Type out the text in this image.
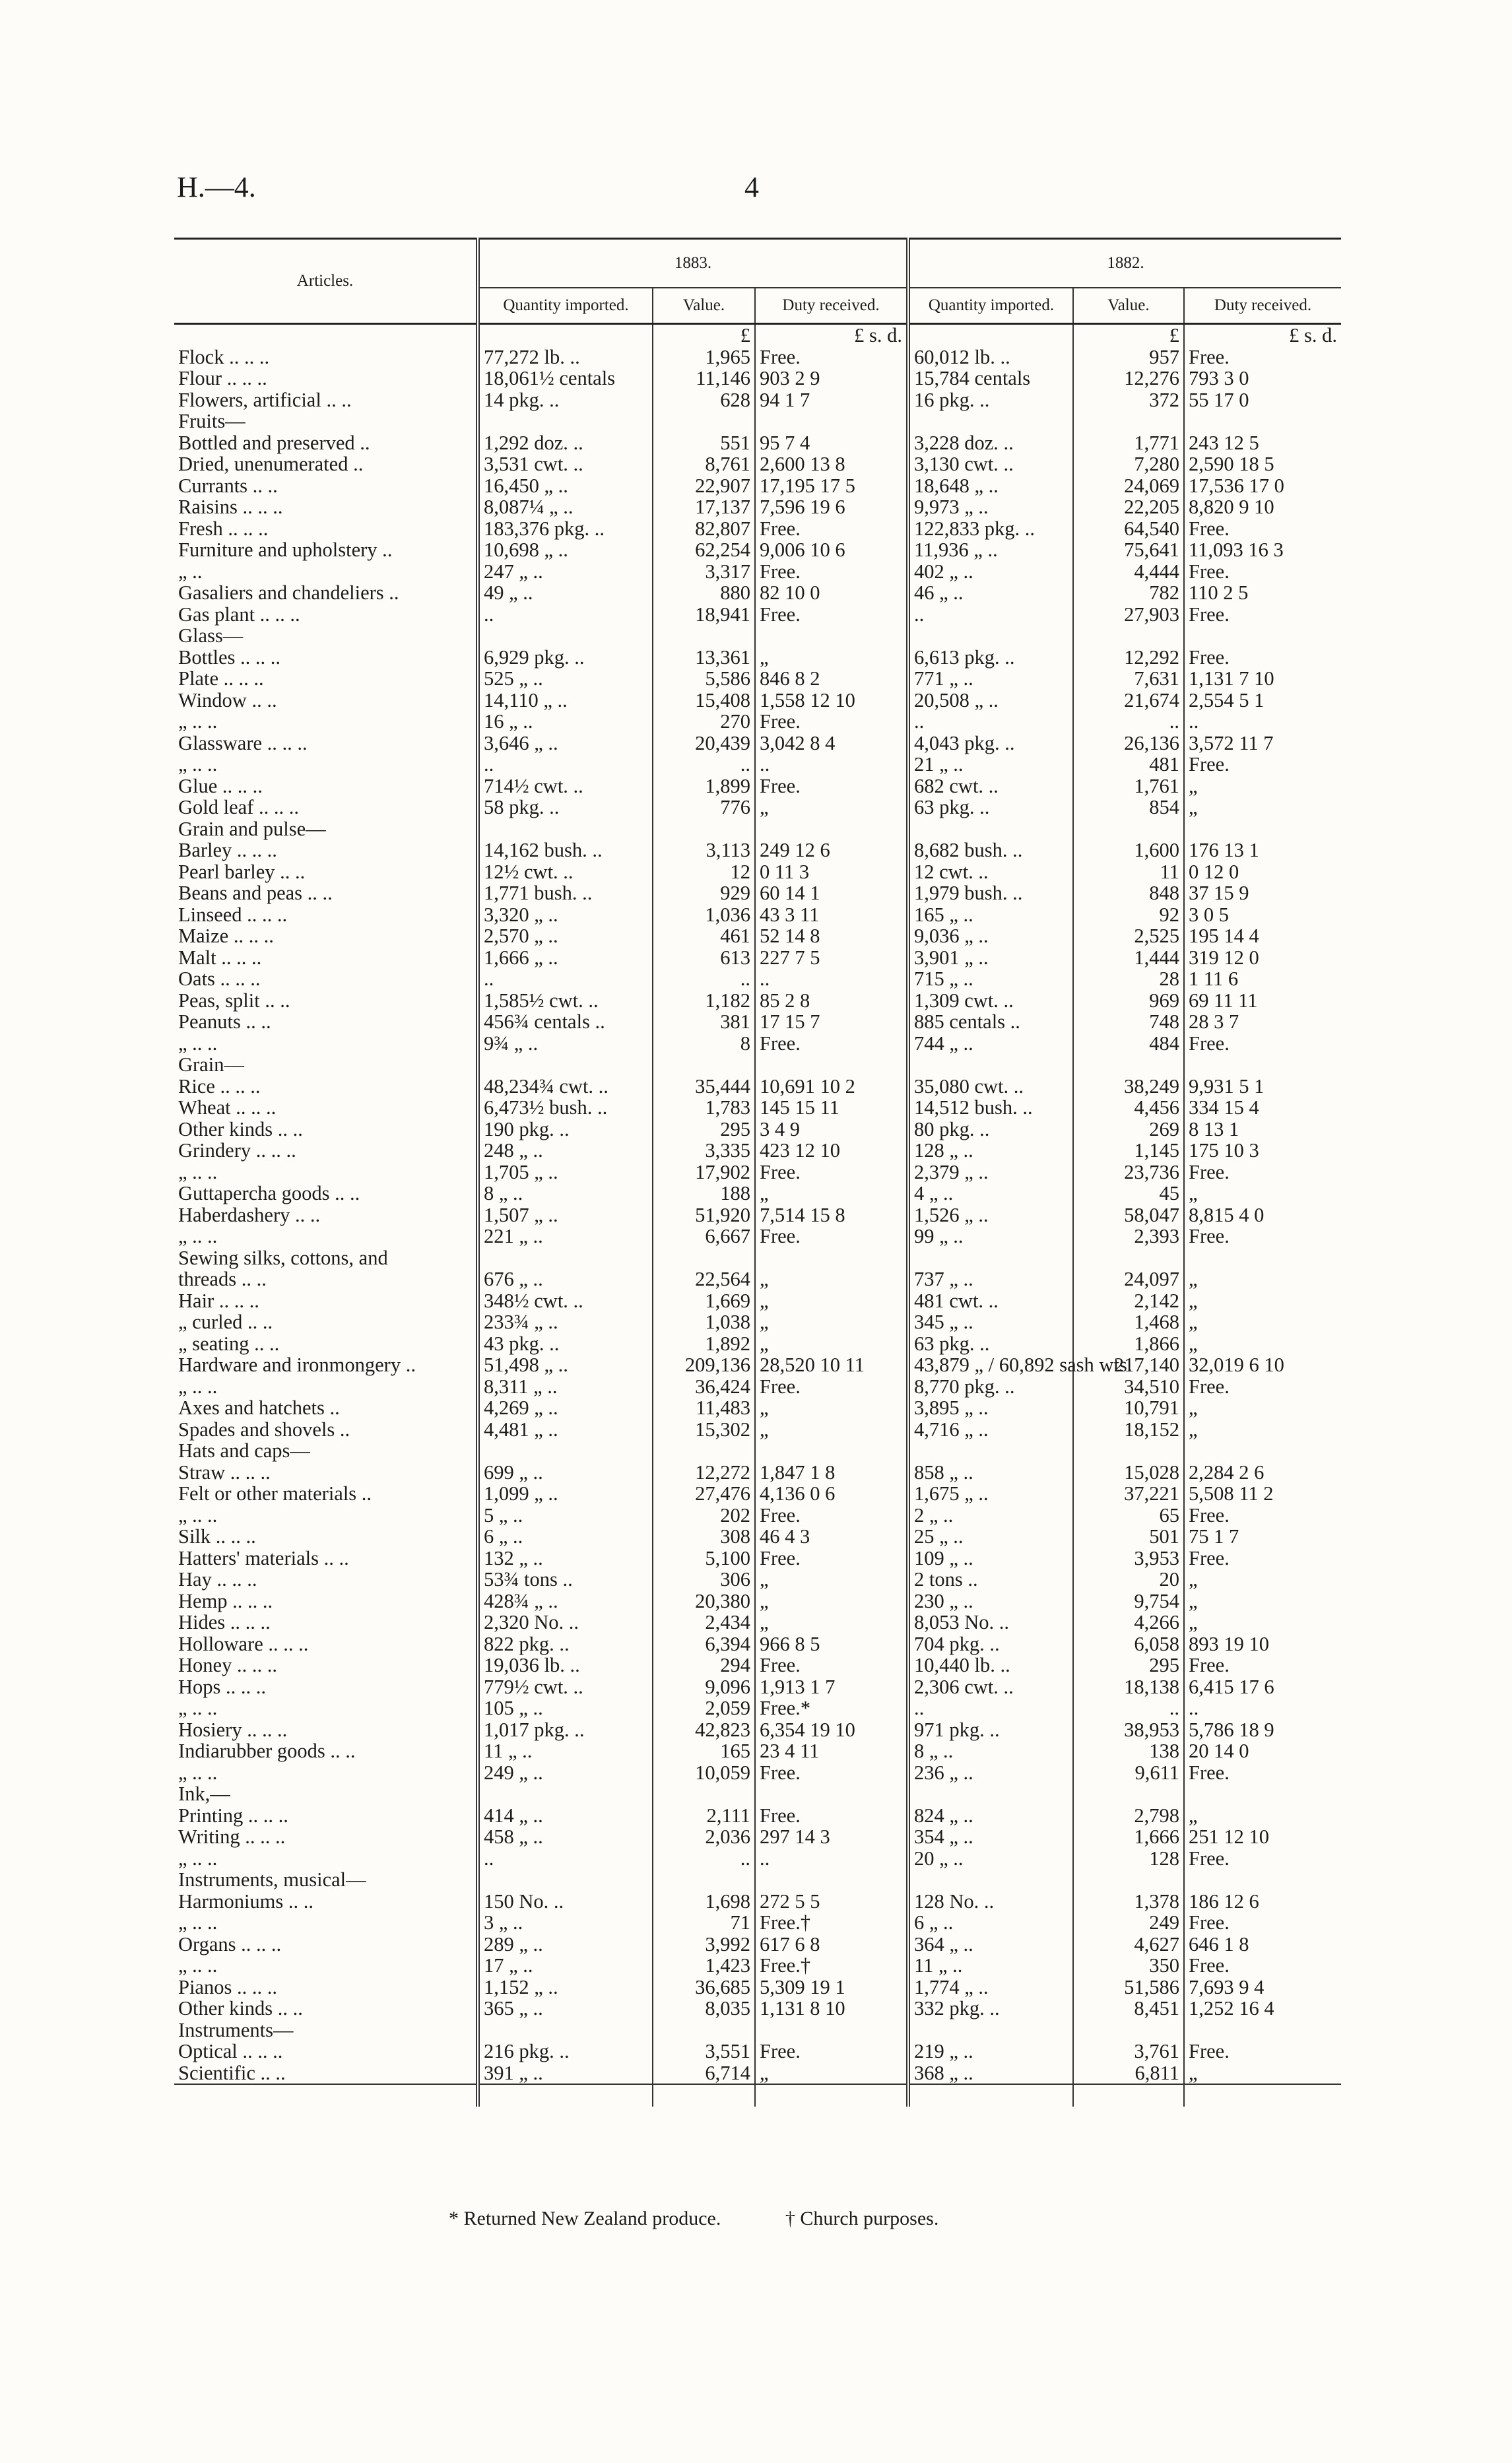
H.—4.	4
Articles.	1883.			1882.		
	Quantity imported.	Value.	Duty received.	Quantity imported.	Value.	Duty received.
		£	£ s. d.		£	£ s. d.
Flock .. .. ..	77,272 lb. ..	1,965	Free.	60,012 lb. ..	957	Free.
Flour .. .. ..	18,061½ centals	11,146	903 2 9	15,784 centals	12,276	793 3 0
Flowers, artificial .. ..	14 pkg. ..	628	94 1 7	16 pkg. ..	372	55 17 0
Fruits—						
Bottled and preserved ..	1,292 doz. ..	551	95 7 4	3,228 doz. ..	1,771	243 12 5
Dried, unenumerated ..	3,531 cwt. ..	8,761	2,600 13 8	3,130 cwt. ..	7,280	2,590 18 5
Currants .. ..	16,450 „ ..	22,907	17,195 17 5	18,648 „ ..	24,069	17,536 17 0
Raisins .. .. ..	8,087¼ „ ..	17,137	7,596 19 6	9,973 „ ..	22,205	8,820 9 10
Fresh .. .. ..	183,376 pkg. ..	82,807	Free.	122,833 pkg. ..	64,540	Free.
Furniture and upholstery ..	10,698 „ ..	62,254	9,006 10 6	11,936 „ ..	75,641	11,093 16 3
„ ..	247 „ ..	3,317	Free.	402 „ ..	4,444	Free.
Gasaliers and chandeliers ..	49 „ ..	880	82 10 0	46 „ ..	782	110 2 5
Gas plant .. .. ..	..	18,941	Free.	..	27,903	Free.
Glass—						
Bottles .. .. ..	6,929 pkg. ..	13,361	„	6,613 pkg. ..	12,292	Free.
Plate .. .. ..	525 „ ..	5,586	846 8 2	771 „ ..	7,631	1,131 7 10
Window .. ..	14,110 „ ..	15,408	1,558 12 10	20,508 „ ..	21,674	2,554 5 1
„ .. ..	16 „ ..	270	Free.	..	..	..
Glassware .. .. ..	3,646 „ ..	20,439	3,042 8 4	4,043 pkg. ..	26,136	3,572 11 7
„ .. ..	..	..	..	21 „ ..	481	Free.
Glue .. .. ..	714½ cwt. ..	1,899	Free.	682 cwt. ..	1,761	„
Gold leaf .. .. ..	58 pkg. ..	776	„	63 pkg. ..	854	„
Grain and pulse—						
Barley .. .. ..	14,162 bush. ..	3,113	249 12 6	8,682 bush. ..	1,600	176 13 1
Pearl barley .. ..	12½ cwt. ..	12	0 11 3	12 cwt. ..	11	0 12 0
Beans and peas .. ..	1,771 bush. ..	929	60 14 1	1,979 bush. ..	848	37 15 9
Linseed .. .. ..	3,320 „ ..	1,036	43 3 11	165 „ ..	92	3 0 5
Maize .. .. ..	2,570 „ ..	461	52 14 8	9,036 „ ..	2,525	195 14 4
Malt .. .. ..	1,666 „ ..	613	227 7 5	3,901 „ ..	1,444	319 12 0
Oats .. .. ..	..	..	..	715 „ ..	28	1 11 6
Peas, split .. ..	1,585½ cwt. ..	1,182	85 2 8	1,309 cwt. ..	969	69 11 11
Peanuts .. ..	456¾ centals ..	381	17 15 7	885 centals ..	748	28 3 7
„ .. ..	9¾ „ ..	8	Free.	744 „ ..	484	Free.
Grain—						
Rice .. .. ..	48,234¾ cwt. ..	35,444	10,691 10 2	35,080 cwt. ..	38,249	9,931 5 1
Wheat .. .. ..	6,473½ bush. ..	1,783	145 15 11	14,512 bush. ..	4,456	334 15 4
Other kinds .. ..	190 pkg. ..	295	3 4 9	80 pkg. ..	269	8 13 1
Grindery .. .. ..	248 „ ..	3,335	423 12 10	128 „ ..	1,145	175 10 3
„ .. ..	1,705 „ ..	17,902	Free.	2,379 „ ..	23,736	Free.
Guttapercha goods .. ..	8 „ ..	188	„	4 „ ..	45	„
Haberdashery .. ..	1,507 „ ..	51,920	7,514 15 8	1,526 „ ..	58,047	8,815 4 0
„ .. ..	221 „ ..	6,667	Free.	99 „ ..	2,393	Free.
Sewing silks, cottons, and						
threads .. ..	676 „ ..	22,564	„	737 „ ..	24,097	„
Hair .. .. ..	348½ cwt. ..	1,669	„	481 cwt. ..	2,142	„
„ curled .. ..	233¾ „ ..	1,038	„	345 „ ..	1,468	„
„ seating .. ..	43 pkg. ..	1,892	„	63 pkg. ..	1,866	„
Hardware and ironmongery ..	51,498 „ ..	209,136	28,520 10 11	43,879 „ / 60,892 sash wts.	217,140	32,019 6 10
„ .. ..	8,311 „ ..	36,424	Free.	8,770 pkg. ..	34,510	Free.
Axes and hatchets ..	4,269 „ ..	11,483	„	3,895 „ ..	10,791	„
Spades and shovels ..	4,481 „ ..	15,302	„	4,716 „ ..	18,152	„
Hats and caps—						
Straw .. .. ..	699 „ ..	12,272	1,847 1 8	858 „ ..	15,028	2,284 2 6
Felt or other materials ..	1,099 „ ..	27,476	4,136 0 6	1,675 „ ..	37,221	5,508 11 2
„ .. ..	5 „ ..	202	Free.	2 „ ..	65	Free.
Silk .. .. ..	6 „ ..	308	46 4 3	25 „ ..	501	75 1 7
Hatters' materials .. ..	132 „ ..	5,100	Free.	109 „ ..	3,953	Free.
Hay .. .. ..	53¾ tons ..	306	„	2 tons ..	20	„
Hemp .. .. ..	428¾ „ ..	20,380	„	230 „ ..	9,754	„
Hides .. .. ..	2,320 No. ..	2,434	„	8,053 No. ..	4,266	„
Holloware .. .. ..	822 pkg. ..	6,394	966 8 5	704 pkg. ..	6,058	893 19 10
Honey .. .. ..	19,036 lb. ..	294	Free.	10,440 lb. ..	295	Free.
Hops .. .. ..	779½ cwt. ..	9,096	1,913 1 7	2,306 cwt. ..	18,138	6,415 17 6
„ .. ..	105 „ ..	2,059	Free.*	..	..	..
Hosiery .. .. ..	1,017 pkg. ..	42,823	6,354 19 10	971 pkg. ..	38,953	5,786 18 9
Indiarubber goods .. ..	11 „ ..	165	23 4 11	8 „ ..	138	20 14 0
„ .. ..	249 „ ..	10,059	Free.	236 „ ..	9,611	Free.
Ink,—						
Printing .. .. ..	414 „ ..	2,111	Free.	824 „ ..	2,798	„
Writing .. .. ..	458 „ ..	2,036	297 14 3	354 „ ..	1,666	251 12 10
„ .. ..	..	..	..	20 „ ..	128	Free.
Instruments, musical—						
Harmoniums .. ..	150 No. ..	1,698	272 5 5	128 No. ..	1,378	186 12 6
„ .. ..	3 „ ..	71	Free.†	6 „ ..	249	Free.
Organs .. .. ..	289 „ ..	3,992	617 6 8	364 „ ..	4,627	646 1 8
„ .. ..	17 „ ..	1,423	Free.†	11 „ ..	350	Free.
Pianos .. .. ..	1,152 „ ..	36,685	5,309 19 1	1,774 „ ..	51,586	7,693 9 4
Other kinds .. ..	365 „ ..	8,035	1,131 8 10	332 pkg. ..	8,451	1,252 16 4
Instruments—						
Optical .. .. ..	216 pkg. ..	3,551	Free.	219 „ ..	3,761	Free.
Scientific .. ..	391 „ ..	6,714	„	368 „ ..	6,811	„

* Returned New Zealand produce.	† Church purposes.
